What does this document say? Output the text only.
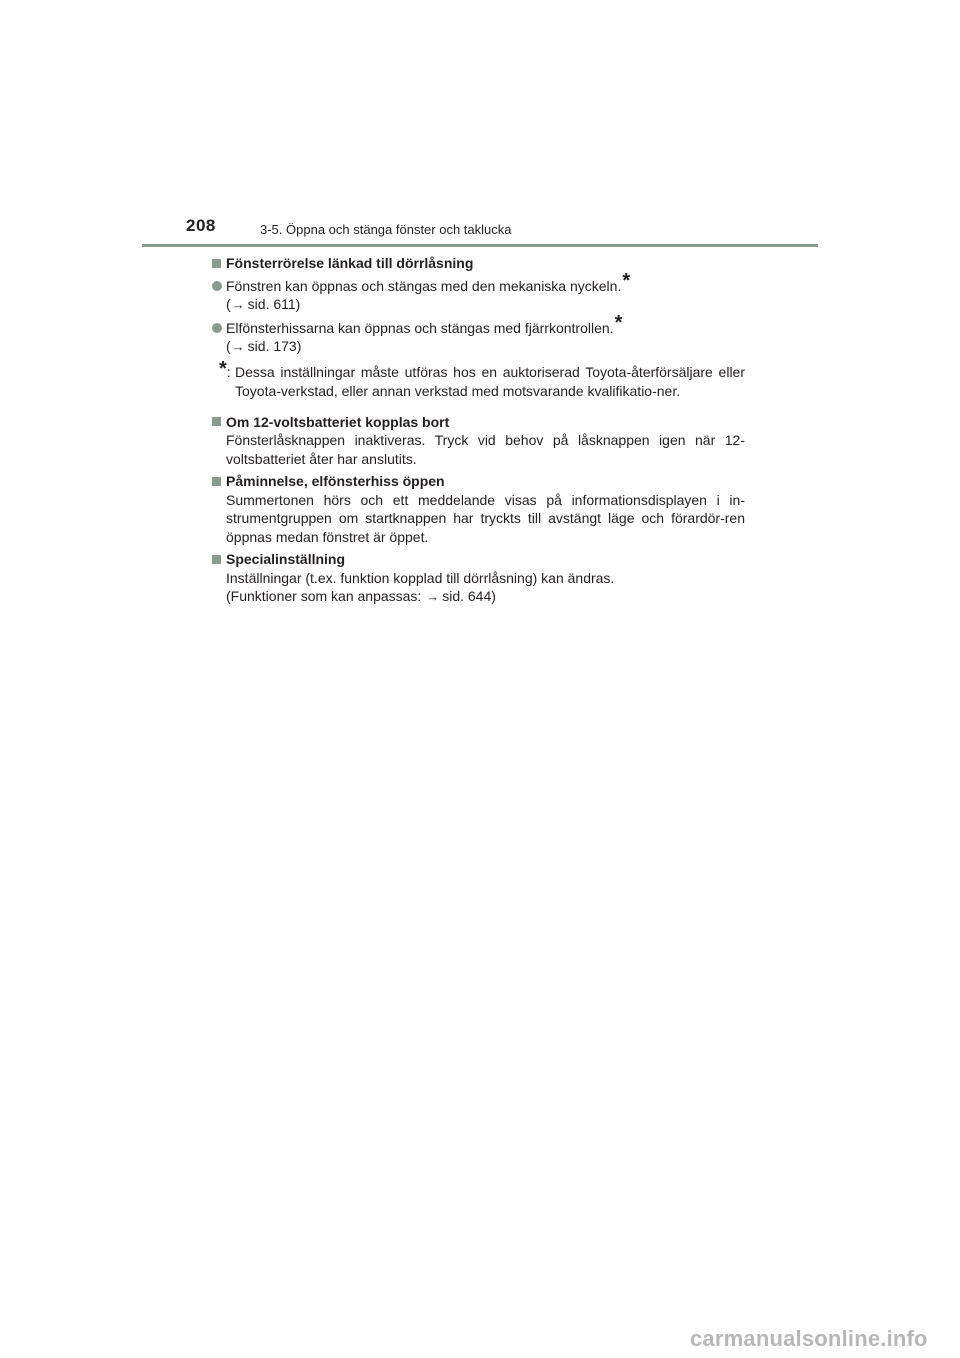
208	3-5. Öppna och stänga fönster och taklucka
Fönsterrörelse länkad till dörrlåsning
Fönstren kan öppnas och stängas med den mekaniska nyckeln.*
(→ sid. 611)
Elfönsterhissarna kan öppnas och stängas med fjärrkontrollen.*
(→ sid. 173)
*: Dessa inställningar måste utföras hos en auktoriserad Toyota-återförsäljare eller Toyota-verkstad, eller annan verkstad med motsvarande kvalifikatio-ner.
Om 12-voltsbatteriet kopplas bort
Fönsterlåsknappen inaktiveras. Tryck vid behov på låsknappen igen när 12-voltsbatteriet åter har anslutits.
Påminnelse, elfönsterhiss öppen
Summertonen hörs och ett meddelande visas på informationsdisplayen i in-strumentgruppen om startknappen har tryckts till avstängt läge och förardör-ren öppnas medan fönstret är öppet.
Specialinställning
Inställningar (t.ex. funktion kopplad till dörrlåsning) kan ändras.
(Funktioner som kan anpassas: → sid. 644)
carmanualsonline.info
